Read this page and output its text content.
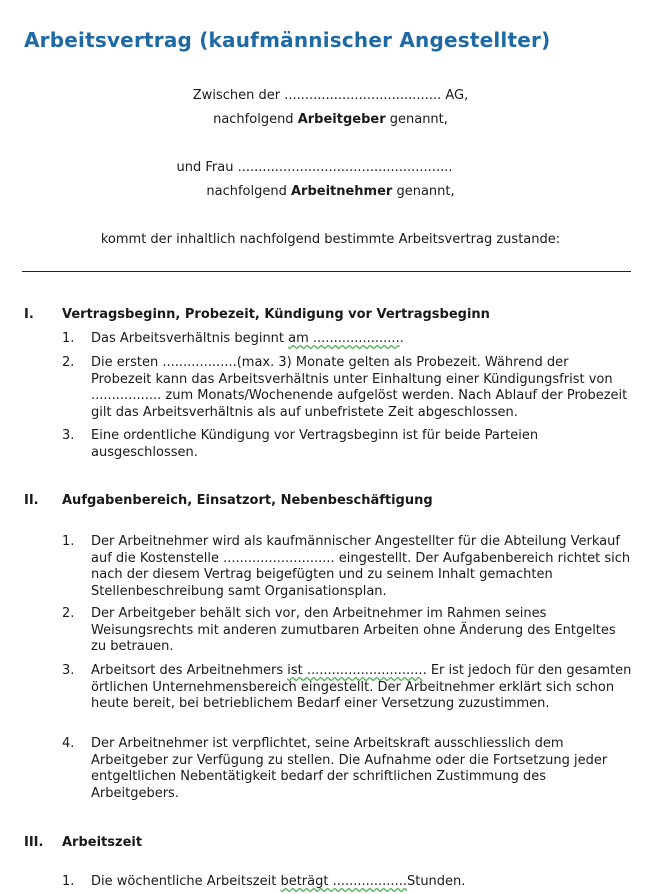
Arbeitsvertrag (kaufmännischer Angestellter)
Zwischen der ...................................... AG,
nachfolgend Arbeitgeber genannt,
und Frau ....................................................
nachfolgend Arbeitnehmer genannt,
kommt der inhaltlich nachfolgend bestimmte Arbeitsvertrag zustande:
I. Vertragsbeginn, Probezeit, Kündigung vor Vertragsbeginn
1. Das Arbeitsverhältnis beginnt am ......................
2. Die ersten ..................(max. 3) Monate gelten als Probezeit. Während der Probezeit kann das Arbeitsverhältnis unter Einhaltung einer Kündigungsfrist von ................. zum Monats/Wochenende aufgelöst werden. Nach Ablauf der Probezeit gilt das Arbeitsverhältnis als auf unbefristete Zeit abgeschlossen.
3. Eine ordentliche Kündigung vor Vertragsbeginn ist für beide Parteien ausgeschlossen.
II. Aufgabenbereich, Einsatzort, Nebenbeschäftigung
1. Der Arbeitnehmer wird als kaufmännischer Angestellter für die Abteilung Verkauf auf die Kostenstelle ........................... eingestellt. Der Aufgabenbereich richtet sich nach der diesem Vertrag beigefügten und zu seinem Inhalt gemachten Stellenbeschreibung samt Organisationsplan.
2. Der Arbeitgeber behält sich vor, den Arbeitnehmer im Rahmen seines Weisungsrechts mit anderen zumutbaren Arbeiten ohne Änderung des Entgeltes zu betrauen.
3. Arbeitsort des Arbeitnehmers ist ............................. Er ist jedoch für den gesamten örtlichen Unternehmensbereich eingestellt. Der Arbeitnehmer erklärt sich schon heute bereit, bei betrieblichem Bedarf einer Versetzung zuzustimmen.
4. Der Arbeitnehmer ist verpflichtet, seine Arbeitskraft ausschliesslich dem Arbeitgeber zur Verfügung zu stellen. Die Aufnahme oder die Fortsetzung jeder entgeltlichen Nebentätigkeit bedarf der schriftlichen Zustimmung des Arbeitgebers.
III. Arbeitszeit
1. Die wöchentliche Arbeitszeit beträgt ..................Stunden.
